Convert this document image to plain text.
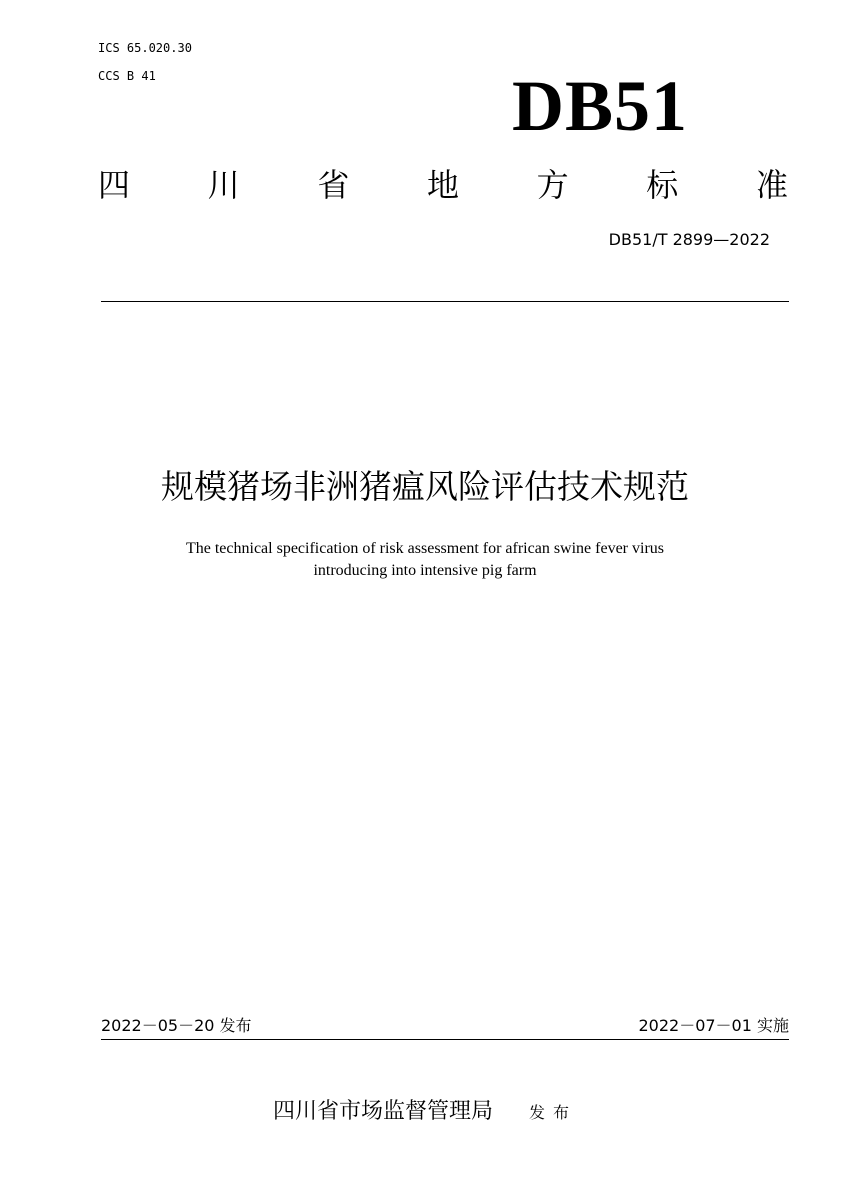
ICS 65.020.30
CCS B 41	DB51
四 川 省 地 方 标 准
DB51/T 2899—2022
规模猪场非洲猪瘟风险评估技术规范
The technical specification of risk assessment for african swine fever virus
introducing into intensive pig farm
2022－05－20 发布	2022－07－01 实施
四川省市场监督管理局 发布
